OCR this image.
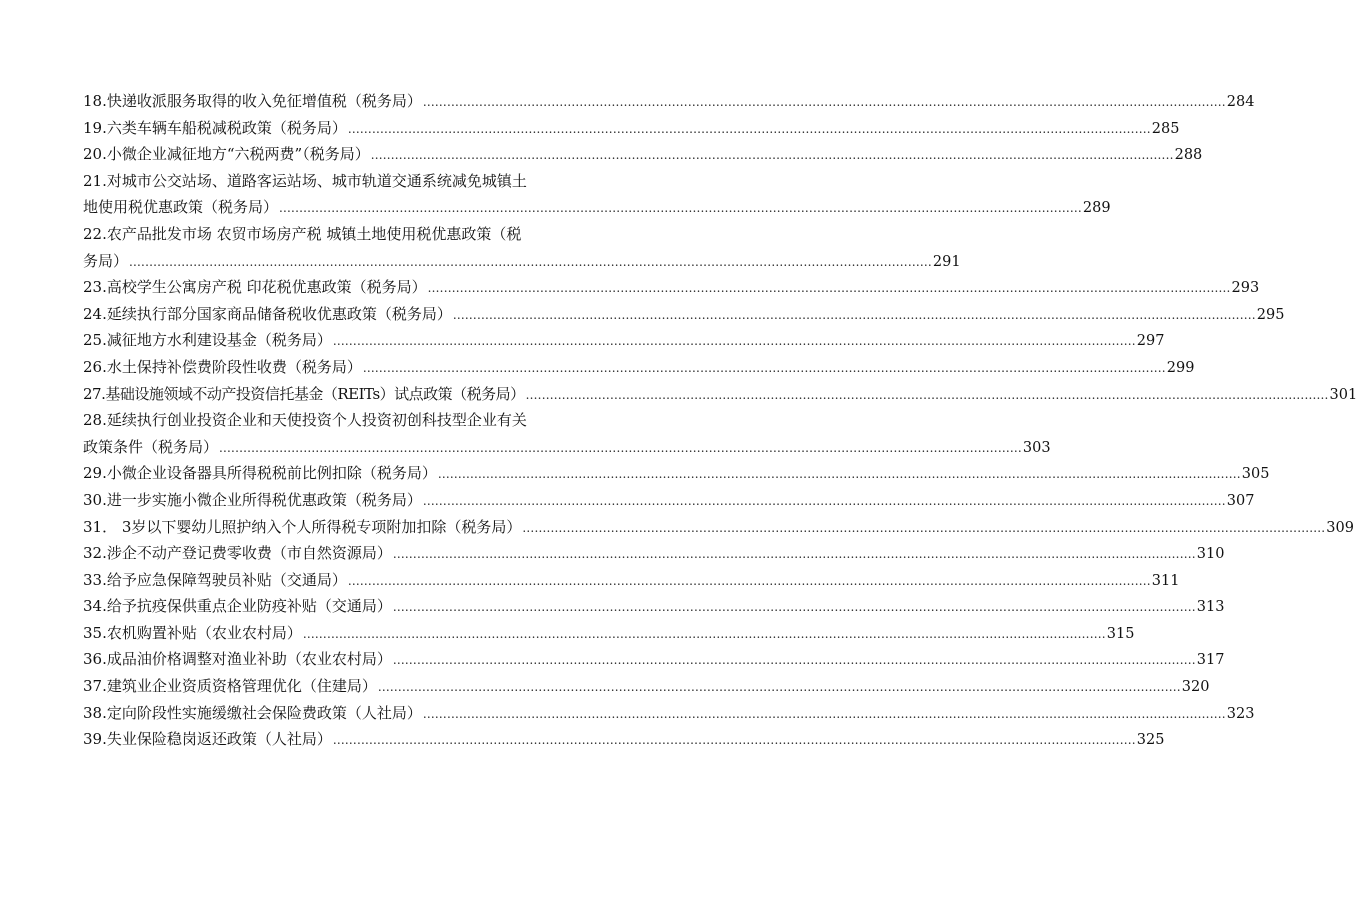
18.快递收派服务取得的收入免征增值税（税务局） ........................................................................................................................................................................................................ 284
19.六类车辆车船税减税政策（税务局） ........................................................................................................................................................................................................ 285
20.小微企业减征地方“六税两费”（税务局） ........................................................................................................................................................................................................ 288
21.对城市公交站场、道路客运站场、城市轨道交通系统减免城镇土
地使用税优惠政策（税务局） ........................................................................................................................................................................................................ 289
22.农产品批发市场 农贸市场房产税 城镇土地使用税优惠政策（税
务局） ........................................................................................................................................................................................................ 291
23.高校学生公寓房产税 印花税优惠政策（税务局） ........................................................................................................................................................................................................ 293
24.延续执行部分国家商品储备税收优惠政策（税务局） ........................................................................................................................................................................................................ 295
25.减征地方水利建设基金（税务局） ........................................................................................................................................................................................................ 297
26.水土保持补偿费阶段性收费（税务局） ........................................................................................................................................................................................................ 299
27.基础设施领域不动产投资信托基金（REITs）试点政策（税务局） ........................................................................................................................................................................................................ 301
28.延续执行创业投资企业和天使投资个人投资初创科技型企业有关
政策条件（税务局） ........................................................................................................................................................................................................ 303
29.小微企业设备器具所得税税前比例扣除（税务局） ........................................................................................................................................................................................................ 305
30.进一步实施小微企业所得税优惠政策（税务局） ........................................................................................................................................................................................................ 307
31． 3岁以下婴幼儿照护纳入个人所得税专项附加扣除（税务局） ........................................................................................................................................................................................................ 309
32.涉企不动产登记费零收费（市自然资源局） ........................................................................................................................................................................................................ 310
33.给予应急保障驾驶员补贴（交通局） ........................................................................................................................................................................................................ 311
34.给予抗疫保供重点企业防疫补贴（交通局） ........................................................................................................................................................................................................ 313
35.农机购置补贴（农业农村局） ........................................................................................................................................................................................................ 315
36.成品油价格调整对渔业补助（农业农村局） ........................................................................................................................................................................................................ 317
37.建筑业企业资质资格管理优化（住建局） ........................................................................................................................................................................................................ 320
38.定向阶段性实施缓缴社会保险费政策（人社局） ........................................................................................................................................................................................................ 323
39.失业保险稳岗返还政策（人社局） ........................................................................................................................................................................................................ 325
